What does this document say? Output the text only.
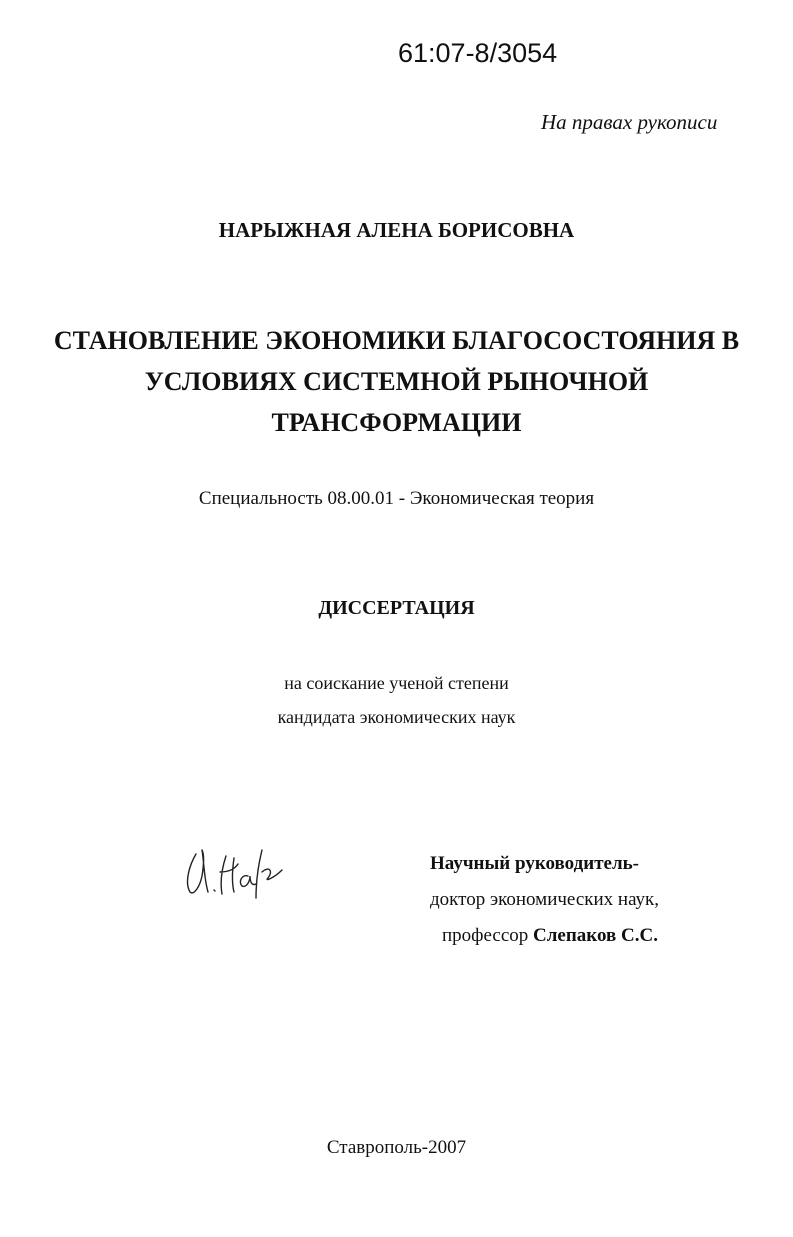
61:07-8/3054
На правах рукописи
НАРЫЖНАЯ АЛЕНА БОРИСОВНА
СТАНОВЛЕНИЕ ЭКОНОМИКИ БЛАГОСОСТОЯНИЯ В
УСЛОВИЯХ СИСТЕМНОЙ РЫНОЧНОЙ
ТРАНСФОРМАЦИИ
Специальность 08.00.01 - Экономическая теория
ДИССЕРТАЦИЯ
на соискание ученой степени
кандидата экономических наук
Научный руководитель-
доктор экономических наук,
профессор Слепаков С.С.
Ставрополь-2007
